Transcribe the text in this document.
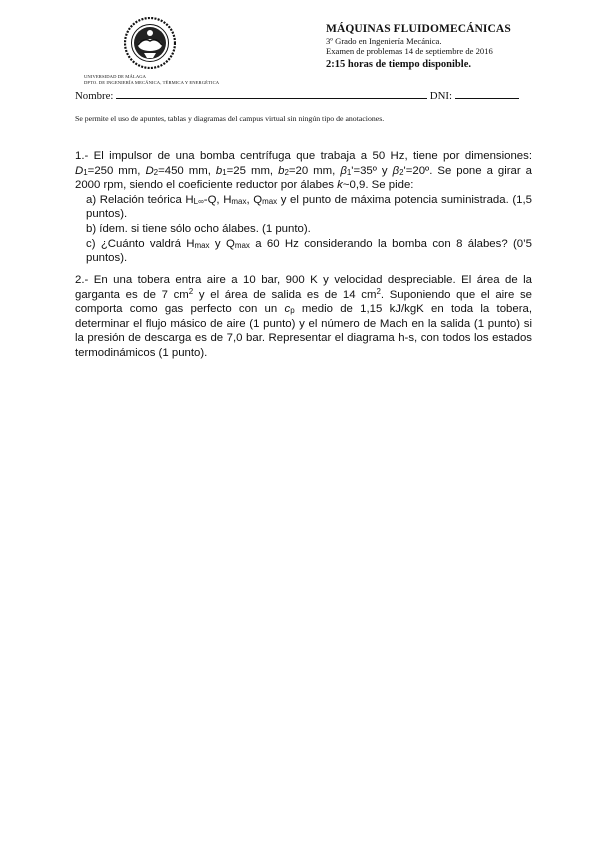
UNIVERSIDAD DE MÁLAGA
DPTO. DE INGENIERÍA MECÁNICA, TÉRMICA Y ENERGÉTICA
MÁQUINAS FLUIDOMECÁNICAS
3º Grado en Ingeniería Mecánica.
Examen de problemas 14 de septiembre de 2016
2:15 horas de tiempo disponible.
Nombre:	DNI:
Se permite el uso de apuntes, tablas y diagramas del campus virtual sin ningún tipo de anotaciones.
1.- El impulsor de una bomba centrífuga que trabaja a 50 Hz, tiene por dimensiones: $D_1=250$ mm, $D_2=450$ mm, $b_1=25$ mm, $b_2=20$ mm, $\beta_1'=35º$ y $\beta_2'=20º$. Se pone a girar a 2000 rpm, siendo el coeficiente reductor por álabes k~0,9. Se pide:
a) Relación teórica $H_{L\infty}-Q$, $H_{max}$, $Q_{max}$ y el punto de máxima potencia suministrada. (1,5 puntos).
b) ídem. si tiene sólo ocho álabes. (1 punto).
c) ¿Cuánto valdrá $H_{max}$ y $Q_{max}$ a 60 Hz considerando la bomba con 8 álabes? (0’5 puntos).
2.- En una tobera entra aire a 10 bar, 900 K y velocidad despreciable. El área de la garganta es de 7 $cm^2$ y el área de salida es de 14 $cm^2$. Suponiendo que el aire se comporta como gas perfecto con un $c_p$ medio de 1,15 kJ/kgK en toda la tobera, determinar el flujo másico de aire (1 punto) y el número de Mach en la salida (1 punto) si la presión de descarga es de 7,0 bar. Representar el diagrama h-s, con todos los estados termodinámicos (1 punto).
